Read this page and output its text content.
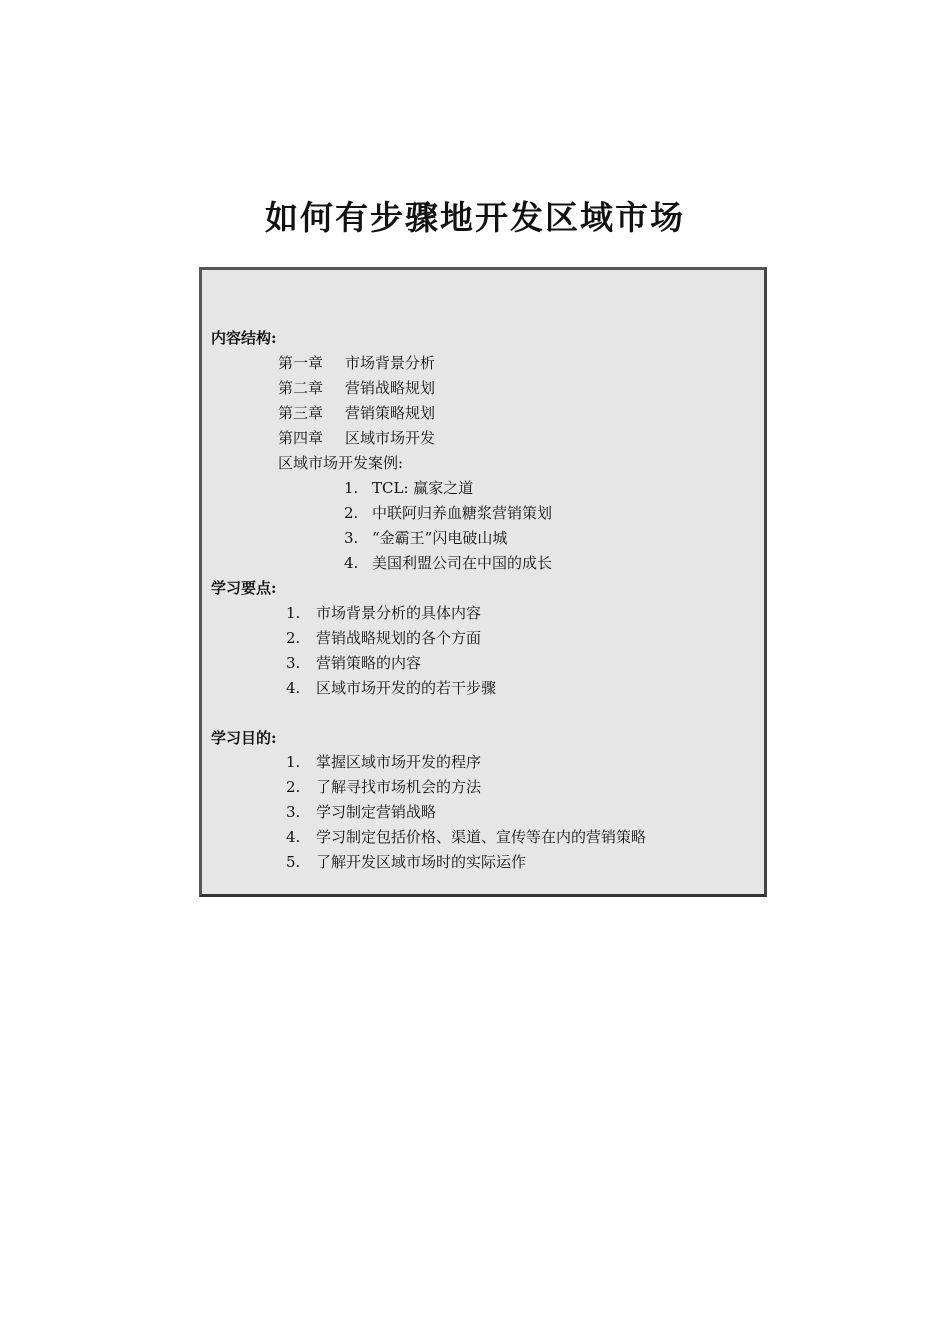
如何有步骤地开发区域市场
内容结构:
第一章 市场背景分析
第二章 营销战略规划
第三章 营销策略规划
第四章 区域市场开发
区域市场开发案例:
1. TCL: 赢家之道
2. 中联阿归养血糖浆营销策划
3. “金霸王”闪电破山城
4. 美国利盟公司在中国的成长
学习要点:
1. 市场背景分析的具体内容
2. 营销战略规划的各个方面
3. 营销策略的内容
4. 区域市场开发的的若干步骤
学习目的:
1. 掌握区域市场开发的程序
2. 了解寻找市场机会的方法
3. 学习制定营销战略
4. 学习制定包括价格、渠道、宣传等在内的营销策略
5. 了解开发区域市场时的实际运作
